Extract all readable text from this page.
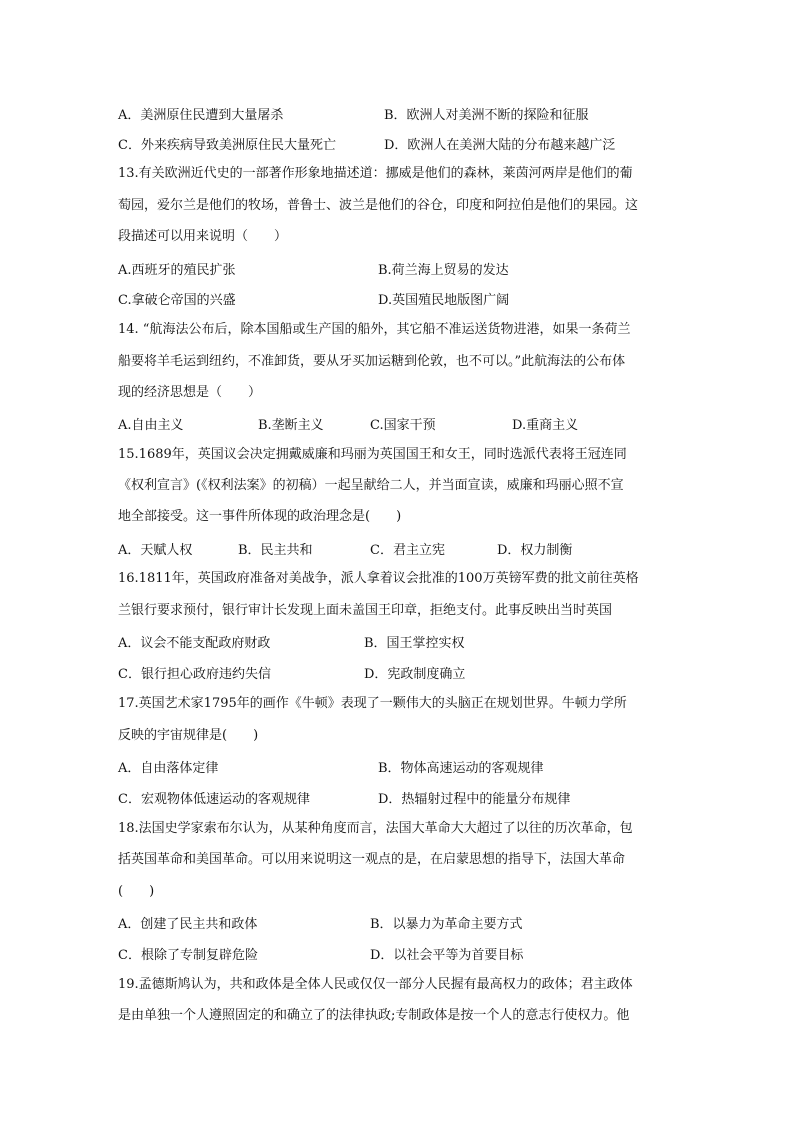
A．美洲原住民遭到大量屠杀	B．欧洲人对美洲不断的探险和征服
C．外来疾病导致美洲原住民大量死亡	D．欧洲人在美洲大陆的分布越来越广泛
13.有关欧洲近代史的一部著作形象地描述道：挪威是他们的森林，莱茵河两岸是他们的葡
萄园，爱尔兰是他们的牧场，普鲁士、波兰是他们的谷仓，印度和阿拉伯是他们的果园。这
段描述可以用来说明（　　）
A.西班牙的殖民扩张	B.荷兰海上贸易的发达
C.拿破仑帝国的兴盛	D.英国殖民地版图广阔
14. “航海法公布后，除本国船或生产国的船外，其它船不准运送货物进港，如果一条荷兰
船要将羊毛运到纽约，不准卸货，要从牙买加运糖到伦敦，也不可以。”此航海法的公布体
现的经济思想是（　　）
A.自由主义	B.垄断主义	C.国家干预	D.重商主义
15.1689年，英国议会决定拥戴威廉和玛丽为英国国王和女王，同时选派代表将王冠连同
《权利宣言》(《权利法案》的初稿）一起呈献给二人，并当面宣读，威廉和玛丽心照不宣
地全部接受。这一事件所体现的政治理念是(　　)
A．天赋人权	B．民主共和	C．君主立宪	D．权力制衡
16.1811年，英国政府准备对美战争，派人拿着议会批准的100万英镑军费的批文前往英格
兰银行要求预付，银行审计长发现上面未盖国王印章，拒绝支付。此事反映出当时英国
A．议会不能支配政府财政	B．国王掌控实权
C．银行担心政府违约失信	D．宪政制度确立
17.英国艺术家1795年的画作《牛顿》表现了一颗伟大的头脑正在规划世界。牛顿力学所
反映的宇宙规律是(　　)
A．自由落体定律	B．物体高速运动的客观规律
C．宏观物体低速运动的客观规律	D．热辐射过程中的能量分布规律
18.法国史学家索布尔认为，从某种角度而言，法国大革命大大超过了以往的历次革命，包
括英国革命和美国革命。可以用来说明这一观点的是，在启蒙思想的指导下，法国大革命
(　　)
A．创建了民主共和政体	B．以暴力为革命主要方式
C．根除了专制复辟危险	D．以社会平等为首要目标
19.孟德斯鸠认为，共和政体是全体人民或仅仅一部分人民握有最高权力的政体；君主政体
是由单独一个人遵照固定的和确立了的法律执政;专制政体是按一个人的意志行使权力。他
